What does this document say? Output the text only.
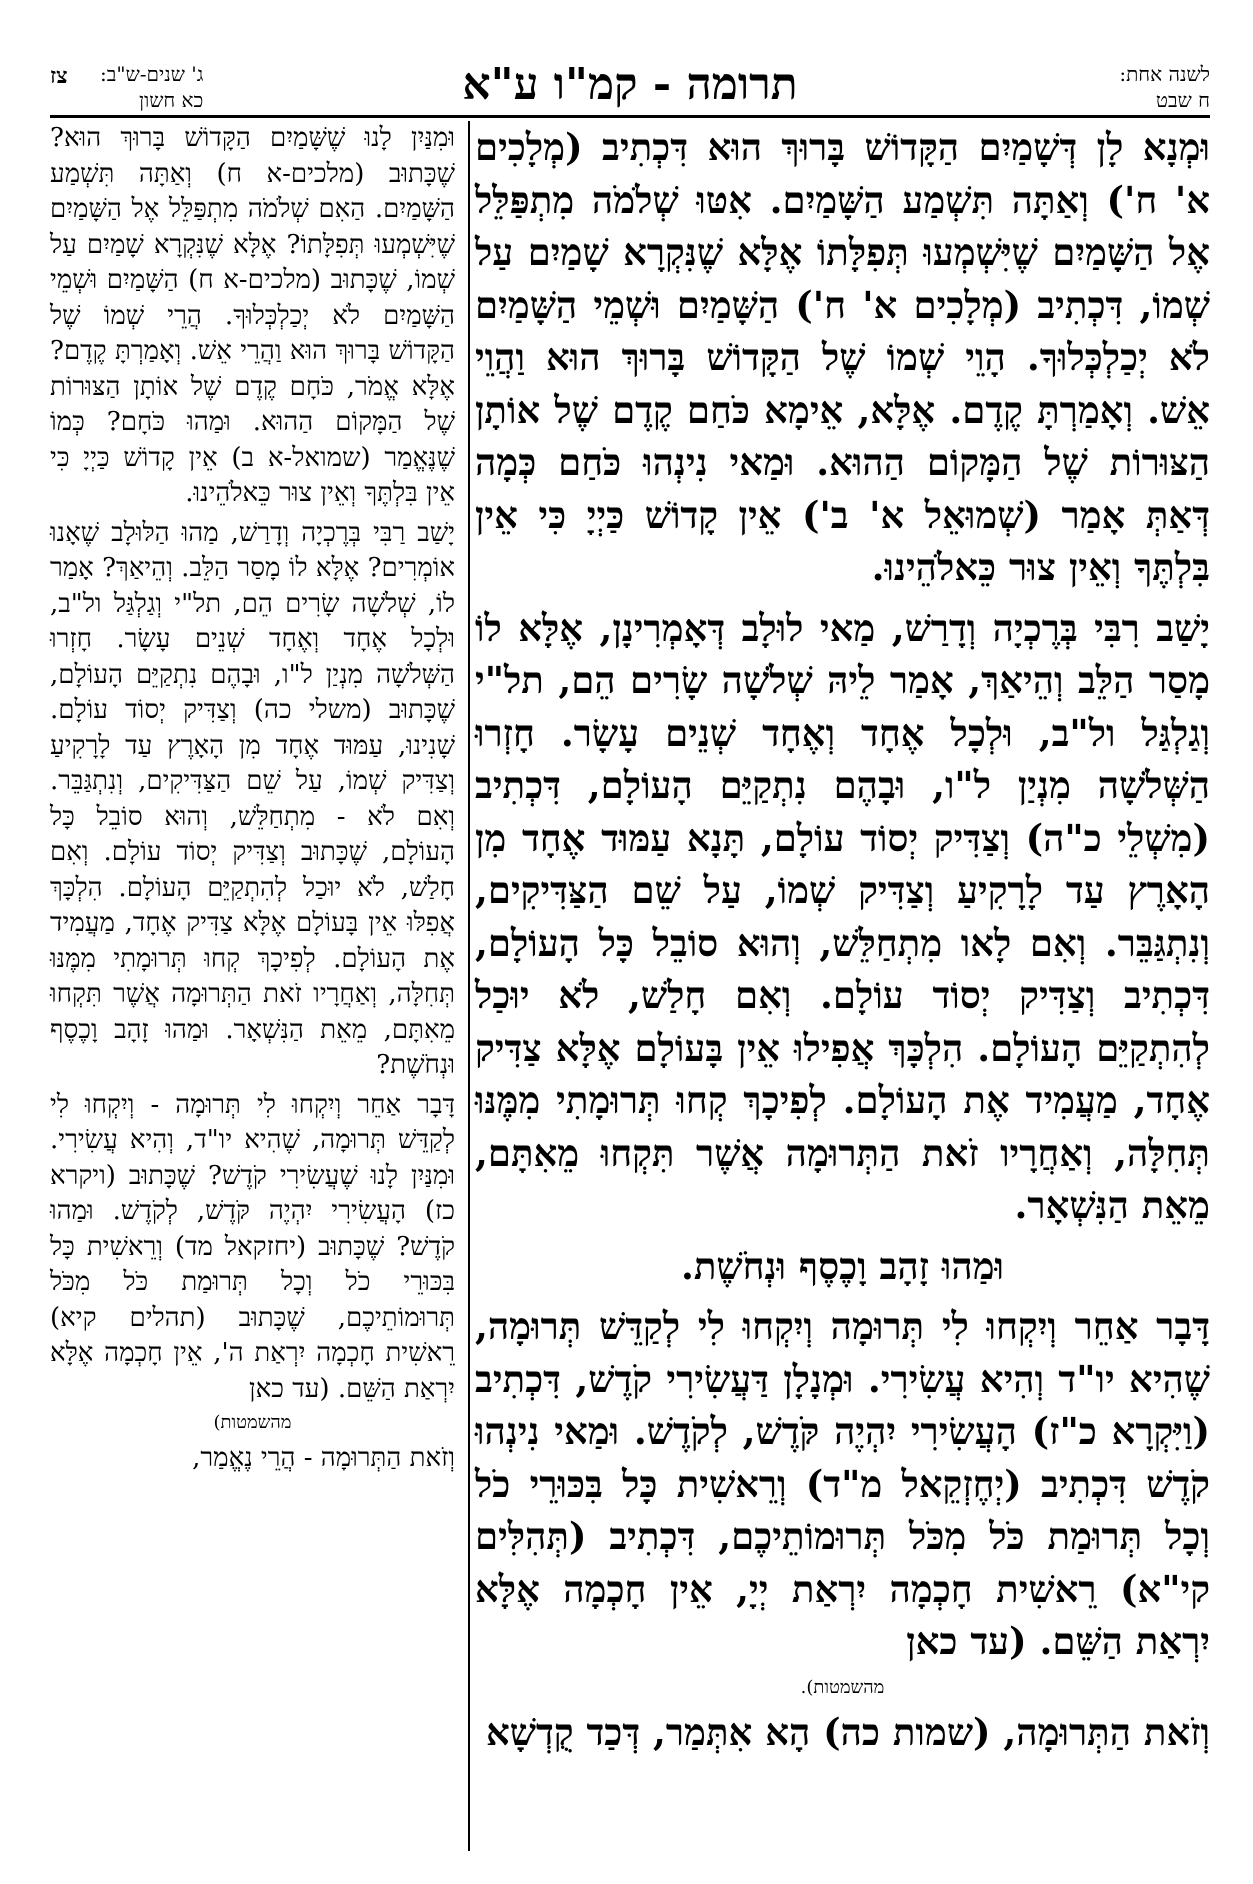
לשנה אחת:
ח שבט
תרומה - קמ"ו ע"א
ג' שנים-ש"ב:
כא חשון
צז

וּמְנָא לָן דְּשָׁמַיִם הַקָּדוֹשׁ בָּרוּךְ הוּא דִּכְתִיב (מְלָכִים א' ח') וְאַתָּה תִּשְׁמַע הַשָּׁמַיִם. אִטּוּ שְׁלֹמֹה מִתְפַּלֵּל אֶל הַשָּׁמַיִם שֶׁיִּשְׁמְעוּ תְּפִלָּתוֹ אֶלָּא שֶׁנִּקְרָא שָׁמַיִם עַל שְׁמוֹ, דִּכְתִיב (מְלָכִים א' ח') הַשָּׁמַיִם וּשְׁמֵי הַשָּׁמַיִם לֹא יְכַלְכְּלוּךָ. הָוֵי שְׁמוֹ שֶׁל הַקָּדוֹשׁ בָּרוּךְ הוּא וַהֲוֵי אֵשׁ. וְאָמַרְתָּ קֶדֶם. אֶלָּא, אֵימָא כֹּחַם קֶדֶם שֶׁל אוֹתָן הַצּוּרוֹת שֶׁל הַמָּקוֹם הַהוּא. וּמַאי נִינְהוּ כֹּחַם כְּמָה דְּאַתְּ אָמַר (שְׁמוּאֵל א' ב') אֵין קָדוֹשׁ כַּיְיָ כִּי אֵין בִּלְתֶּךָ וְאֵין צוּר כֵּאלֹהֵינוּ.

יָשַׁב רִבִּי בְּרֶכְיָה וְדָרַשׁ, מַאי לוּלָב דְּאָמְרִינָן, אֶלָּא לוֹ מָסַר הַלֵּב וְהֵיאַךְ, אָמַר לֵיהּ שְׁלֹשָׁה שָׂרִים הֵם, תל"י וְגַלְגַּל ול"ב, וּלְכָל אֶחָד וְאֶחָד שְׁנֵים עָשָׂר. חָזְרוּ הַשְּׁלֹשָׁה מִנְיַן ל"ו, וּבָהֶם נִתְקַיֵּם הָעוֹלָם, דִּכְתִיב (מִשְׁלֵי כ"ה) וְצַדִּיק יְסוֹד עוֹלָם, תָּנָא עַמּוּד אֶחָד מִן הָאָרֶץ עַד לָרָקִיעַ וְצַדִּיק שְׁמוֹ, עַל שֵׁם הַצַּדִּיקִים, וְנִתְגַּבֵּר. וְאִם לָאו מִתְחַלֵּשׁ, וְהוּא סוֹבֵל כָּל הָעוֹלָם, דִּכְתִיב וְצַדִּיק יְסוֹד עוֹלָם. וְאִם חָלַשׁ, לֹא יוּכַל לְהִתְקַיֵּם הָעוֹלָם. הִלְכָּךְ אֲפִילוּ אֵין בָּעוֹלָם אֶלָּא צַדִּיק אֶחָד, מַעֲמִיד אֶת הָעוֹלָם. לְפִיכָךְ קְחוּ תְּרוּמָתִי מִמֶּנּוּ תְּחִלָּה, וְאַחֲרָיו זֹאת הַתְּרוּמָה אֲשֶׁר תִּקְחוּ מֵאִתָּם, מֵאֵת הַנִּשְׁאָר.

וּמַהוּ זָהָב וָכֶסֶף וּנְחֹשֶׁת.

דָּבָר אַחֵר וְיִקְחוּ לִי תְּרוּמָה וְיִקְחוּ לִי לְקַדֵּשׁ תְּרוּמָה, שֶׁהִיא יו"ד וְהִיא עֲשִׂירִי. וּמְנָלָן דַּעֲשִׂירִי קֹדֶשׁ, דִּכְתִיב (וַיִּקְרָא כ"ז) הָעֲשִׂירִי יִהְיֶה קֹּדֶשׁ, לְקֹדֶשׁ. וּמַאי נִינְהוּ קֹדֶשׁ דִּכְתִיב (יְחֶזְקֵאל מ"ד) וְרֵאשִׁית כָּל בִּכּוּרֵי כֹל וְכָל תְּרוּמַת כֹּל מִכֹּל תְּרוּמוֹתֵיכֶם, דִּכְתִיב (תְּהִלִּים קי"א) רֵאשִׁית חָכְמָה יִרְאַת יְיָ, אֵין חָכְמָה אֶלָּא יִרְאַת הַשֵּׁם. (עד כאן

מהשמטות).

וְזֹאת הַתְּרוּמָה, (שמות כה) הָא אִתְּמַר, דְּכַד קֻדְשָׁא

וּמִנַּיִן לָנוּ שֶׁשָּׁמַיִם הַקָּדוֹשׁ בָּרוּךְ הוּא? שֶׁכָּתוּב (מלכים-א ח) וְאַתָּה תִּשְׁמַע הַשָּׁמַיִם. הַאִם שְׁלֹמֹה מִתְפַּלֵּל אֶל הַשָּׁמַיִם שֶׁיִּשְׁמְעוּ תְּפִלָּתוֹ? אֶלָּא שֶׁנִּקְרָא שָׁמַיִם עַל שְׁמוֹ, שֶׁכָּתוּב (מלכים-א ח) הַשָּׁמַיִם וּשְׁמֵי הַשָּׁמַיִם לֹא יְכַלְכְּלוּךָ. הֲרֵי שְׁמוֹ שֶׁל הַקָּדוֹשׁ בָּרוּךְ הוּא וַהֲרֵי אֵשׁ. וְאָמַרְתָּ קֶדֶם? אֶלָּא אֱמֹר, כֹּחָם קֶדֶם שֶׁל אוֹתָן הַצּוּרוֹת שֶׁל הַמָּקוֹם הַהוּא. וּמַהוּ כֹּחָם? כְּמוֹ שֶׁנֶּאֱמַר (שמואל-א ב) אֵין קָדוֹשׁ כַּיְיָ כִּי אֵין בִּלְתֶּךָ וְאֵין צוּר כֵּאלֹהֵינוּ.

יָשַׁב רַבִּי בְּרֶכְיָה וְדָרַשׁ, מַהוּ הַלּוּלָב שֶׁאָנוּ אוֹמְרִים? אֶלָּא לוֹ מָסַר הַלֵּב. וְהֵיאַךְ? אָמַר לוֹ, שְׁלֹשָׁה שָׂרִים הֵם, תל"י וְגַלְגַּל ול"ב, וּלְכָל אֶחָד וְאֶחָד שְׁנֵים עָשָׂר. חָזְרוּ הַשְּׁלֹשָׁה מִנְיַן ל"ו, וּבָהֶם נִתְקַיֵּם הָעוֹלָם, שֶׁכָּתוּב (משלי כה) וְצַדִּיק יְסוֹד עוֹלָם. שָׁנִינוּ, עַמּוּד אֶחָד מִן הָאָרֶץ עַד לָרָקִיעַ וְצַדִּיק שְׁמוֹ, עַל שֵׁם הַצַּדִּיקִים, וְנִתְגַּבֵּר. וְאִם לֹא - מִתְחַלֵּשׁ, וְהוּא סוֹבֵל כָּל הָעוֹלָם, שֶׁכָּתוּב וְצַדִּיק יְסוֹד עוֹלָם. וְאִם חָלַשׁ, לֹא יוּכַל לְהִתְקַיֵּם הָעוֹלָם. הִלְכָּךְ אֲפִלּוּ אֵין בָּעוֹלָם אֶלָּא צַדִּיק אֶחָד, מַעֲמִיד אֶת הָעוֹלָם. לְפִיכָךְ קְחוּ תְּרוּמָתִי מִמֶּנּוּ תְּחִלָּה, וְאַחֲרָיו זֹאת הַתְּרוּמָה אֲשֶׁר תִּקְחוּ מֵאִתָּם, מֵאֵת הַנִּשְׁאָר. וּמַהוּ זָהָב וָכֶסֶף וּנְחֹשֶׁת?

דָּבָר אַחֵר וְיִקְחוּ לִי תְּרוּמָה - וְיִקְחוּ לִי לְקַדֵּשׁ תְּרוּמָה, שֶׁהִיא יו"ד, וְהִיא עֲשִׂירִי. וּמִנַּיִן לָנוּ שֶׁעֲשִׂירִי קֹדֶשׁ? שֶׁכָּתוּב (ויקרא כז) הָעֲשִׂירִי יִהְיֶה קֹּדֶשׁ, לְקֹדֶשׁ. וּמַהוּ קֹדֶשׁ? שֶׁכָּתוּב (יחזקאל מד) וְרֵאשִׁית כָּל בִּכּוּרֵי כֹל וְכָל תְּרוּמַת כֹּל מִכֹּל תְּרוּמוֹתֵיכֶם, שֶׁכָּתוּב (תהלים קיא) רֵאשִׁית חָכְמָה יִרְאַת ה', אֵין חָכְמָה אֶלָּא יִרְאַת הַשֵּׁם. (עד כאן

מהשמטות)

וְזֹאת הַתְּרוּמָה - הֲרֵי נֶאֱמַר,
